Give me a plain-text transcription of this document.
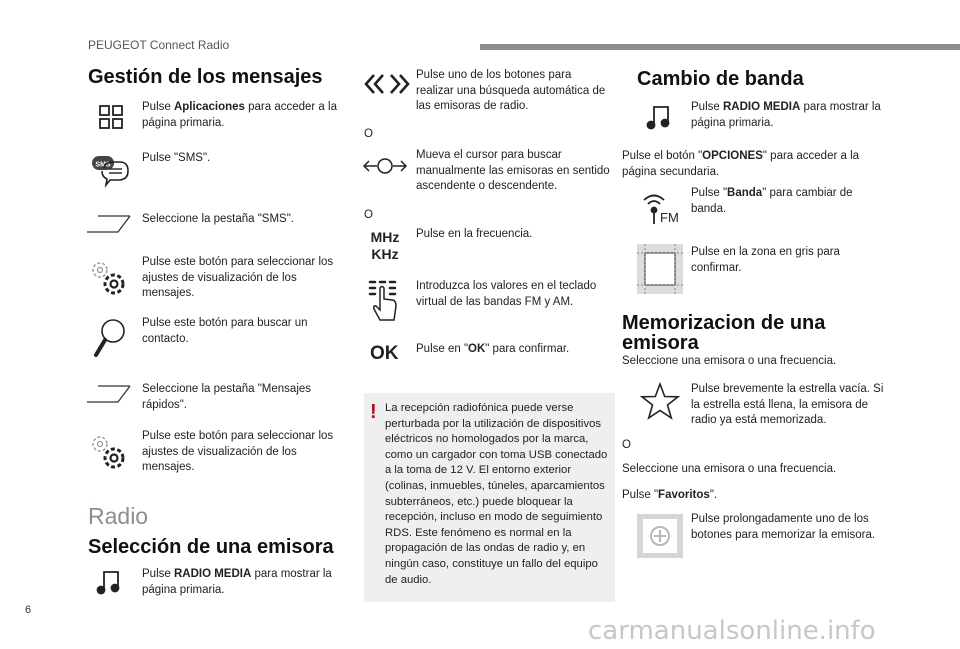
PEUGEOT Connect Radio
Gestión de los mensajes
Pulse Aplicaciones para acceder a la página primaria.
SMS
Pulse "SMS".
Seleccione la pestaña "SMS".
Pulse este botón para seleccionar los ajustes de visualización de los mensajes.
Pulse este botón para buscar un contacto.
Seleccione la pestaña "Mensajes rápidos".
Pulse este botón para seleccionar los ajustes de visualización de los mensajes.
Radio
Selección de una emisora
Pulse RADIO MEDIA para mostrar la página primaria.
Pulse uno de los botones para realizar una búsqueda automática de las emisoras de radio.
O
Mueva el cursor para buscar manualmente las emisoras en sentido ascendente o descendente.
O
MHz
KHz
Pulse en la frecuencia.
Introduzca los valores en el teclado virtual de las bandas FM y AM.
OK Pulse en "OK" para confirmar.
! La recepción radiofónica puede verse perturbada por la utilización de dispositivos eléctricos no homologados por la marca, como un cargador con toma USB conectado a la toma de 12 V. El entorno exterior (colinas, inmuebles, túneles, aparcamientos subterráneos, etc.) puede bloquear la recepción, incluso en modo de seguimiento RDS. Este fenómeno es normal en la propagación de las ondas de radio y, en ningún caso, constituye un fallo del equipo de audio.
Cambio de banda
Pulse RADIO MEDIA para mostrar la página primaria.
Pulse el botón "OPCIONES" para acceder a la página secundaria.
FM
Pulse "Banda" para cambiar de banda.
Pulse en la zona en gris para confirmar.
Memorizacion de una emisora
Seleccione una emisora o una frecuencia.
Pulse brevemente la estrella vacía. Si la estrella está llena, la emisora de radio ya está memorizada.
O
Seleccione una emisora o una frecuencia.
Pulse "Favoritos".
Pulse prolongadamente uno de los botones para memorizar la emisora.
6
carmanualsonline.info
